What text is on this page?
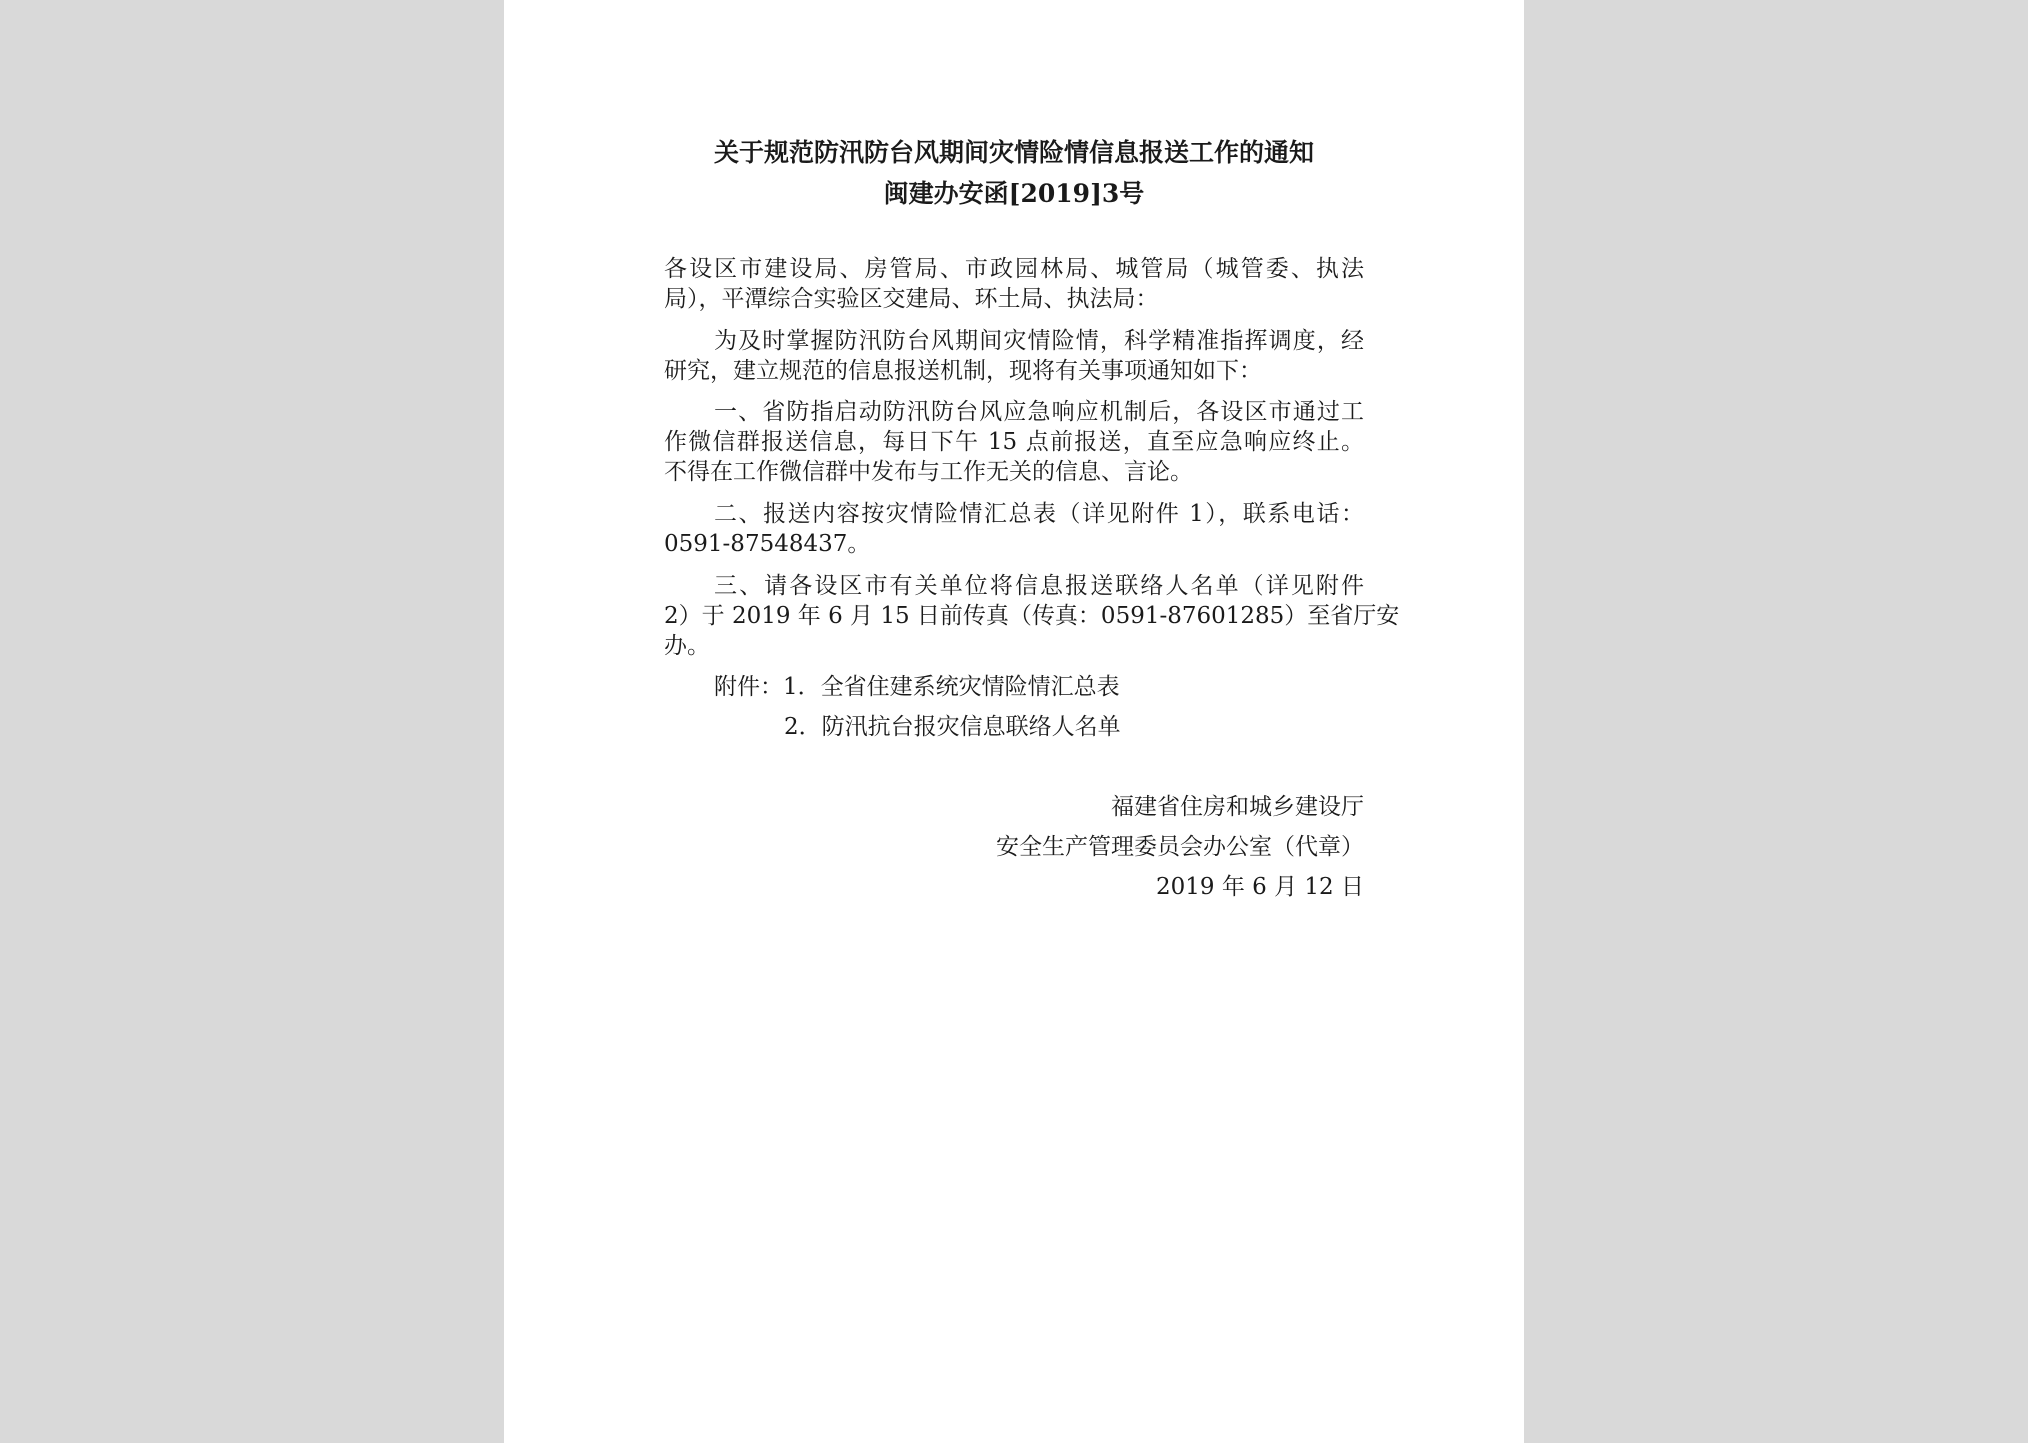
关于规范防汛防台风期间灾情险情信息报送工作的通知
闽建办安函[2019]3号
各设区市建设局、房管局、市政园林局、城管局（城管委、执法
局），平潭综合实验区交建局、环土局、执法局：
为及时掌握防汛防台风期间灾情险情，科学精准指挥调度，经
研究，建立规范的信息报送机制，现将有关事项通知如下：
一、省防指启动防汛防台风应急响应机制后，各设区市通过工
作微信群报送信息，每日下午 15 点前报送，直至应急响应终止。
不得在工作微信群中发布与工作无关的信息、言论。
二、报送内容按灾情险情汇总表（详见附件 1），联系电话：
0591-87548437。
三、请各设区市有关单位将信息报送联络人名单（详见附件
2）于 2019 年 6 月 15 日前传真（传真：0591-87601285）至省厅安
办。
附件：1．全省住建系统灾情险情汇总表
2．防汛抗台报灾信息联络人名单
福建省住房和城乡建设厅
安全生产管理委员会办公室（代章）
2019 年 6 月 12 日
